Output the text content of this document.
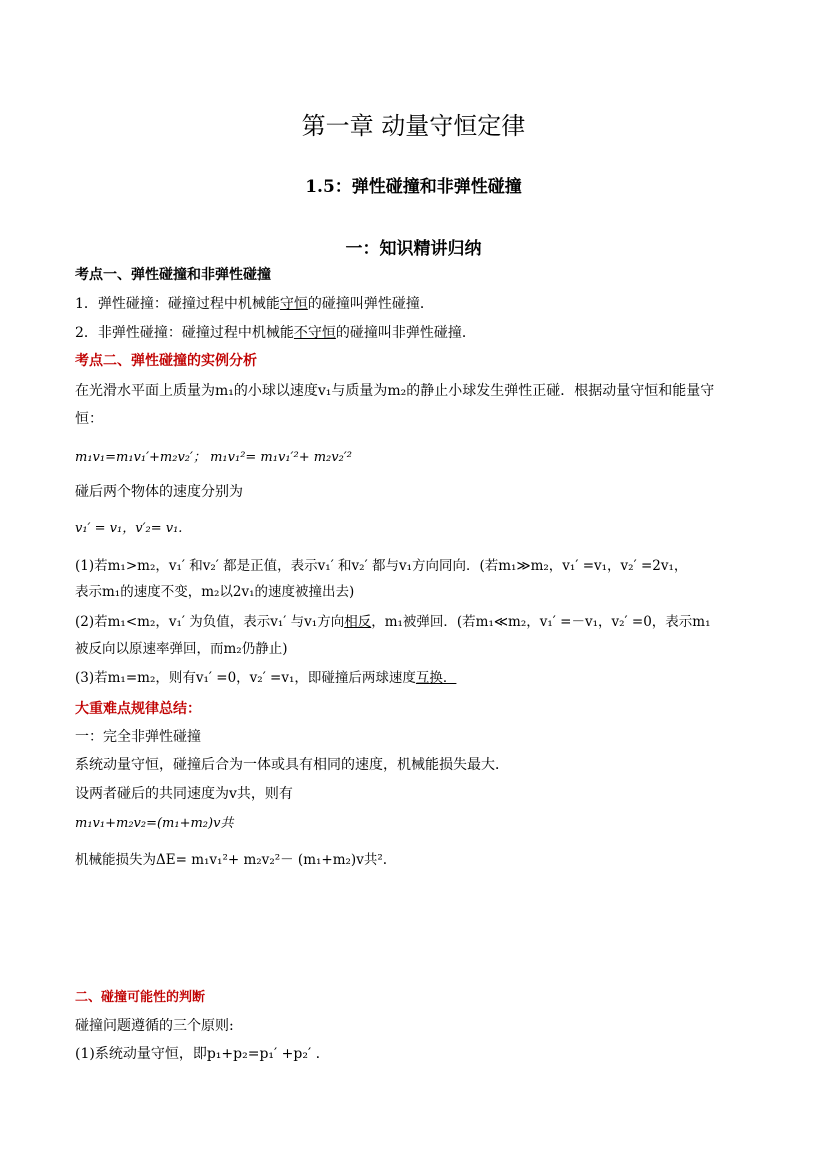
第一章 动量守恒定律
1.5：弹性碰撞和非弹性碰撞
一：知识精讲归纳
考点一、弹性碰撞和非弹性碰撞
1．弹性碰撞：碰撞过程中机械能守恒的碰撞叫弹性碰撞．
2．非弹性碰撞：碰撞过程中机械能不守恒的碰撞叫非弹性碰撞．
考点二、弹性碰撞的实例分析
在光滑水平面上质量为m₁的小球以速度v₁与质量为m₂的静止小球发生弹性正碰．根据动量守恒和能量守
恒：
m₁v₁=m₁v₁′+m₂v₂′； m₁v₁²= m₁v₁′²+ m₂v₂′²
碰后两个物体的速度分别为
v₁′ = v₁，v′₂= v₁.
(1)若m₁>m₂，v₁′ 和v₂′ 都是正值，表示v₁′ 和v₂′ 都与v₁方向同向．(若m₁≫m₂，v₁′ =v₁，v₂′ =2v₁，
表示m₁的速度不变，m₂以2v₁的速度被撞出去)
(2)若m₁<m₂，v₁′ 为负值，表示v₁′ 与v₁方向相反，m₁被弹回．(若m₁≪m₂，v₁′ =－v₁，v₂′ =0，表示m₁
被反向以原速率弹回，而m₂仍静止)
(3)若m₁=m₂，则有v₁′ =0，v₂′ =v₁，即碰撞后两球速度互换．
大重难点规律总结：
一：完全非弹性碰撞
系统动量守恒，碰撞后合为一体或具有相同的速度，机械能损失最大．
设两者碰后的共同速度为v共，则有
m₁v₁+m₂v₂=(m₁+m₂)v共
机械能损失为ΔE= m₁v₁²+ m₂v₂²－ (m₁+m₂)v共².
二、碰撞可能性的判断
碰撞问题遵循的三个原则:
(1)系统动量守恒，即p₁+p₂=p₁′ +p₂′ .
